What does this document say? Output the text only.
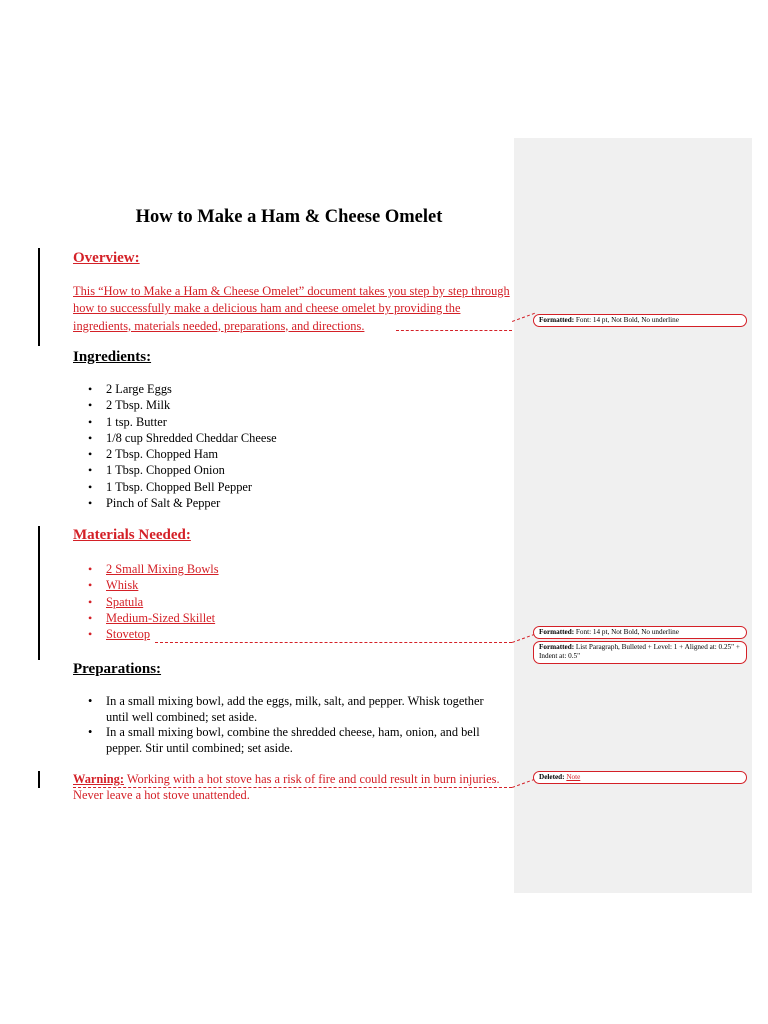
How to Make a Ham & Cheese Omelet
Overview:
This “How to Make a Ham & Cheese Omelet” document takes you step by step through how to successfully make a delicious ham and cheese omelet by providing the ingredients, materials needed, preparations, and directions.
Ingredients:
• 2 Large Eggs
• 2 Tbsp. Milk
• 1 tsp. Butter
• 1/8 cup Shredded Cheddar Cheese
• 2 Tbsp. Chopped Ham
• 1 Tbsp. Chopped Onion
• 1 Tbsp. Chopped Bell Pepper
• Pinch of Salt & Pepper
Materials Needed:
• 2 Small Mixing Bowls
• Whisk
• Spatula
• Medium-Sized Skillet
• Stovetop
Preparations:
• In a small mixing bowl, add the eggs, milk, salt, and pepper. Whisk together until well combined; set aside.
• In a small mixing bowl, combine the shredded cheese, ham, onion, and bell pepper. Stir until combined; set aside.
Warning: Working with a hot stove has a risk of fire and could result in burn injuries. Never leave a hot stove unattended.
Formatted: Font: 14 pt, Not Bold, No underline
Formatted: Font: 14 pt, Not Bold, No underline
Formatted: List Paragraph, Bulleted + Level: 1 + Aligned at: 0.25" + Indent at: 0.5"
Deleted: Note
